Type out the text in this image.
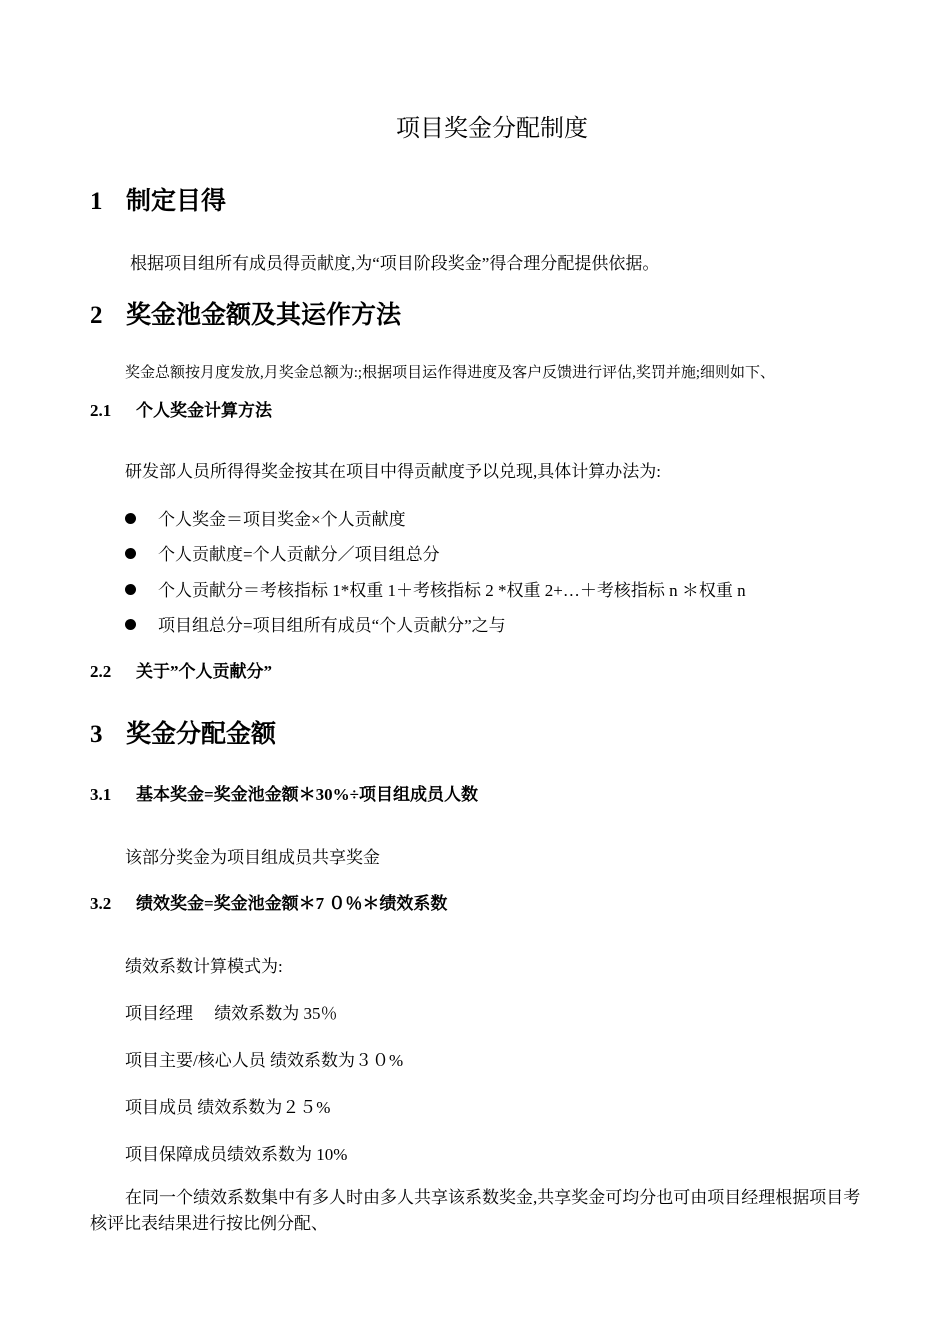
项目奖金分配制度
1 制定目得
根据项目组所有成员得贡献度,为“项目阶段奖金”得合理分配提供依据。
2 奖金池金额及其运作方法
奖金总额按月度发放,月奖金总额为:;根据项目运作得进度及客户反馈进行评估,奖罚并施;细则如下、
2.1 个人奖金计算方法
研发部人员所得得奖金按其在项目中得贡献度予以兑现,具体计算办法为:
个人奖金＝项目奖金×个人贡献度
个人贡献度=个人贡献分／项目组总分
个人贡献分＝考核指标 1*权重 1＋考核指标 2 *权重 2+…＋考核指标 n ＊权重 n
项目组总分=项目组所有成员“个人贡献分”之与
2.2 关于”个人贡献分”
3 奖金分配金额
3.1 基本奖金=奖金池金额＊30%÷项目组成员人数
该部分奖金为项目组成员共享奖金
3.2 绩效奖金=奖金池金额＊7 ０％＊绩效系数
绩效系数计算模式为:
项目经理　 绩效系数为 35％
项目主要/核心人员 绩效系数为３０%
项目成员 绩效系数为２５%
项目保障成员绩效系数为 10%
在同一个绩效系数集中有多人时由多人共享该系数奖金,共享奖金可均分也可由项目经理根据项目考核评比表结果进行按比例分配、
